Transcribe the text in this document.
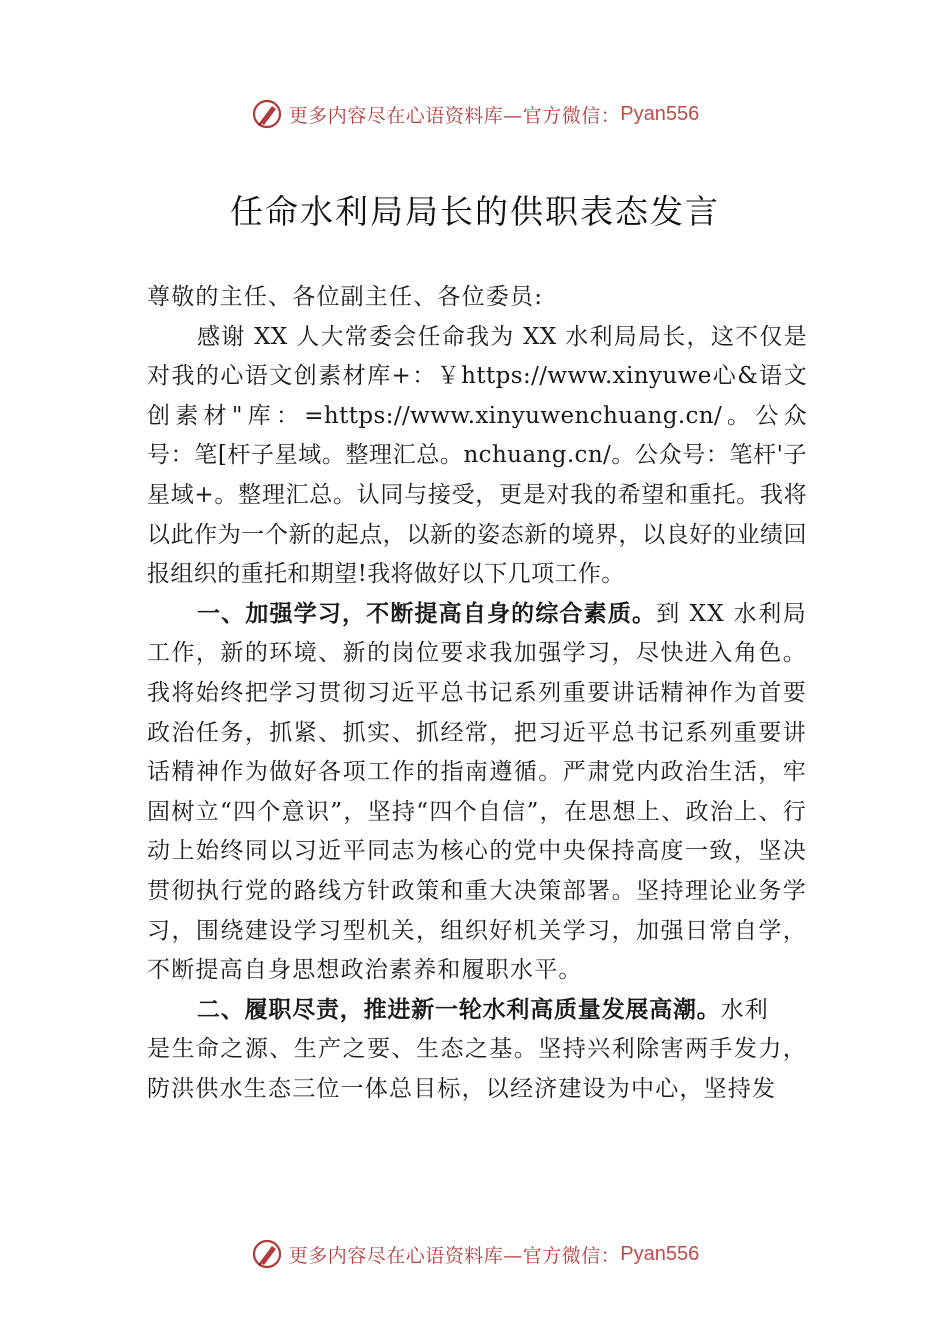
更多内容尽在心语资料库—官方微信： Pyan556
任命水利局局长的供职表态发言

尊敬的主任、各位副主任、各位委员:

感谢 XX 人大常委会任命我为 XX 水利局局长，这不仅是对我的心语文创素材库+：￥https://www.xinyuwe心&语文创素材"库：=https://www.xinyuwenchuang.cn/。公众号：笔[杆子星域。整理汇总。nchuang.cn/。公众号：笔杆'子星域+。整理汇总。认同与接受，更是对我的希望和重托。我将以此作为一个新的起点，以新的姿态新的境界，以良好的业绩回报组织的重托和期望!我将做好以下几项工作。

一、加强学习，不断提高自身的综合素质。到 XX 水利局工作，新的环境、新的岗位要求我加强学习，尽快进入角色。我将始终把学习贯彻习近平总书记系列重要讲话精神作为首要政治任务，抓紧、抓实、抓经常，把习近平总书记系列重要讲话精神作为做好各项工作的指南遵循。严肃党内政治生活，牢固树立“四个意识”，坚持“四个自信”，在思想上、政治上、行动上始终同以习近平同志为核心的党中央保持高度一致，坚决贯彻执行党的路线方针政策和重大决策部署。坚持理论业务学习，围绕建设学习型机关，组织好机关学习，加强日常自学，不断提高自身思想政治素养和履职水平。

二、履职尽责，推进新一轮水利高质量发展高潮。水利
是生命之源、生产之要、生态之基。坚持兴利除害两手发力，防洪供水生态三位一体总目标，以经济建设为中心，坚持发

更多内容尽在心语资料库—官方微信： Pyan556
